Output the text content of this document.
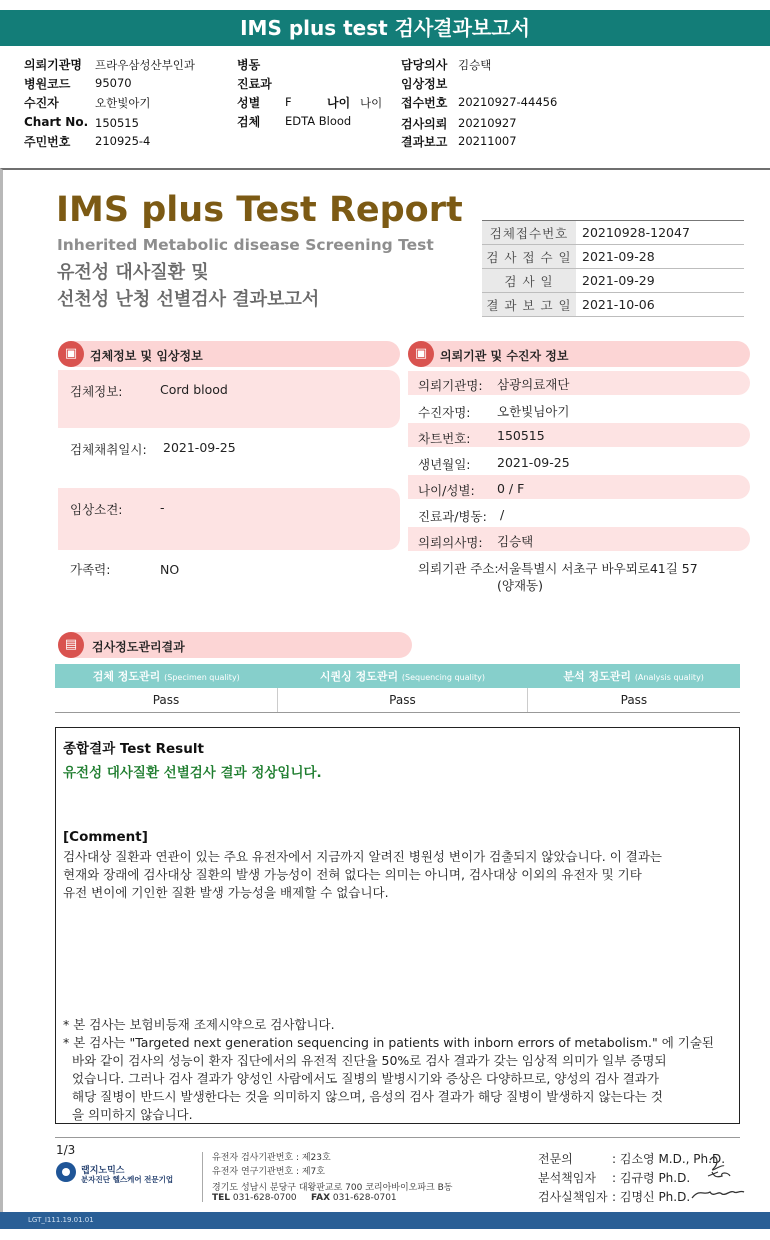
IMS plus test 검사결과보고서
의뢰기관명 프라우삼성산부인과
병원코드 95070
수진자	오한빛아기
Chart No. 150515
주민번호 210925-4
병동
진료과
성별 F	나이 나이
검체 EDTA Blood
담당의사 김승택
임상정보
접수번호 20210927-44456
검사의뢰 20210927
결과보고 20211007
IMS plus Test Report
Inherited Metabolic disease Screening Test
유전성 대사질환 및
선천성 난청 선별검사 결과보고서
검체접수번호	20210928-12047
검 사 접 수 일	2021-09-28
검 사 일	2021-09-29
결 과 보 고 일	2021-10-06
▣	검체정보 및 임상정보
검체정보:	Cord blood
검체채취일시: 2021-09-25
임상소견:	-
가족력:	NO
▣	의뢰기관 및 수진자 정보
의뢰기관명: 삼광의료재단
수진자명: 오한빛님아기
차트번호: 150515
생년월일: 2021-09-25
나이/성별: 0 / F
진료과/병동: /
의뢰의사명: 김승택
의뢰기관 주소:
서울특별시 서초구 바우뫼로41길 57
(양재동)
▤	검사정도관리결과
검체 정도관리 (Specimen quality)	시퀀싱 정도관리 (Sequencing quality)	분석 정도관리 (Analysis quality)
Pass	Pass	Pass
종합결과 Test Result
유전성 대사질환 선별검사 결과 정상입니다.
[Comment]
검사대상 질환과 연관이 있는 주요 유전자에서 지금까지 알려진 병원성 변이가 검출되지 않았습니다. 이 결과는
현재와 장래에 검사대상 질환의 발생 가능성이 전혀 없다는 의미는 아니며, 검사대상 이외의 유전자 및 기타
유전 변이에 기인한 질환 발생 가능성을 배제할 수 없습니다.
* 본 검사는 보험비등재 조제시약으로 검사합니다.
* 본 검사는 "Targeted next generation sequencing in patients with inborn errors of metabolism." 에 기술된
바와 같이 검사의 성능이 환자 집단에서의 유전적 진단율 50%로 검사 결과가 갖는 임상적 의미가 일부 증명되
었습니다. 그러나 검사 결과가 양성인 사람에서도 질병의 발병시기와 증상은 다양하므로, 양성의 검사 결과가
해당 질병이 반드시 발생한다는 것을 의미하지 않으며, 음성의 검사 결과가 해당 질병이 발생하지 않는다는 것
을 의미하지 않습니다.
1/3
랩지노믹스
분자진단 헬스케어 전문기업
유전자 검사기관번호 : 제23호
유전자 연구기관번호 : 제7호
경기도 성남시 분당구 대왕판교로 700 코리아바이오파크 B동
TEL 031-628-0700 FAX 031-628-0701
전문의	: 김소영 M.D., Ph.D.
분석책임자 : 김규령 Ph.D.
검사실책임자 : 김명신 Ph.D.
LGT_I111.19.01.01
